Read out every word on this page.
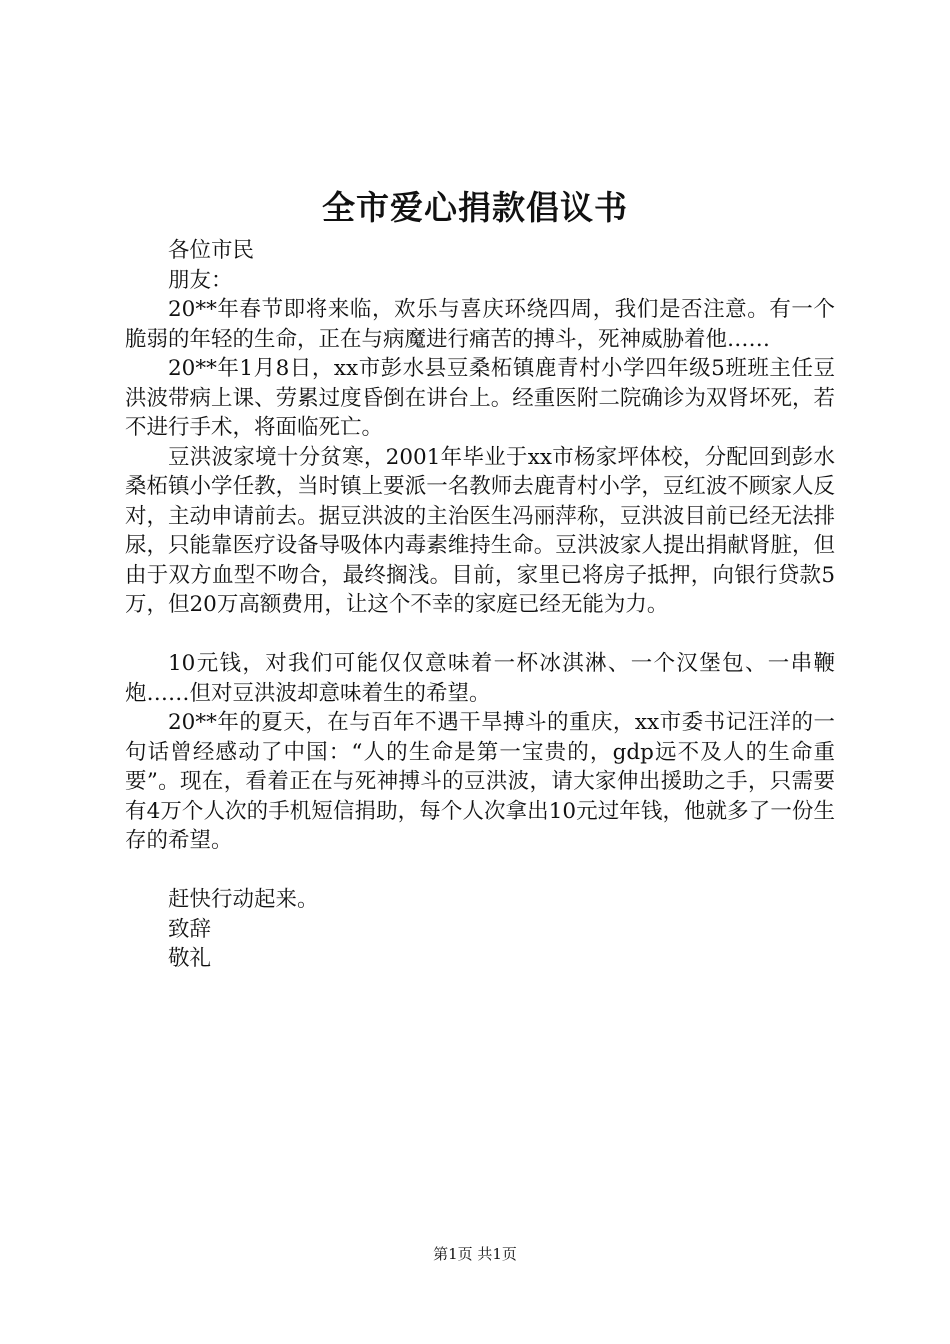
全市爱心捐款倡议书
各位市民
朋友：

20**年春节即将来临，欢乐与喜庆环绕四周，我们是否注意。有一个脆弱的年轻的生命，正在与病魔进行痛苦的搏斗，死神威胁着他……

20**年1月8日，xx市彭水县豆桑柘镇鹿青村小学四年级5班班主任豆洪波带病上课、劳累过度昏倒在讲台上。经重医附二院确诊为双肾坏死，若不进行手术，将面临死亡。

豆洪波家境十分贫寒，2001年毕业于xx市杨家坪体校，分配回到彭水桑柘镇小学任教，当时镇上要派一名教师去鹿青村小学，豆红波不顾家人反对，主动申请前去。据豆洪波的主治医生冯丽萍称，豆洪波目前已经无法排尿，只能靠医疗设备导吸体内毒素维持生命。豆洪波家人提出捐献肾脏，但由于双方血型不吻合，最终搁浅。目前，家里已将房子抵押，向银行贷款5万，但20万高额费用，让这个不幸的家庭已经无能为力。

10元钱，对我们可能仅仅意味着一杯冰淇淋、一个汉堡包、一串鞭炮……但对豆洪波却意味着生的希望。

20**年的夏天，在与百年不遇干旱搏斗的重庆，xx市委书记汪洋的一句话曾经感动了中国：“人的生命是第一宝贵的，gdp远不及人的生命重要”。现在，看着正在与死神搏斗的豆洪波，请大家伸出援助之手，只需要有4万个人次的手机短信捐助，每个人次拿出10元过年钱，他就多了一份生存的希望。

赶快行动起来。
致辞
敬礼
第1页 共1页
